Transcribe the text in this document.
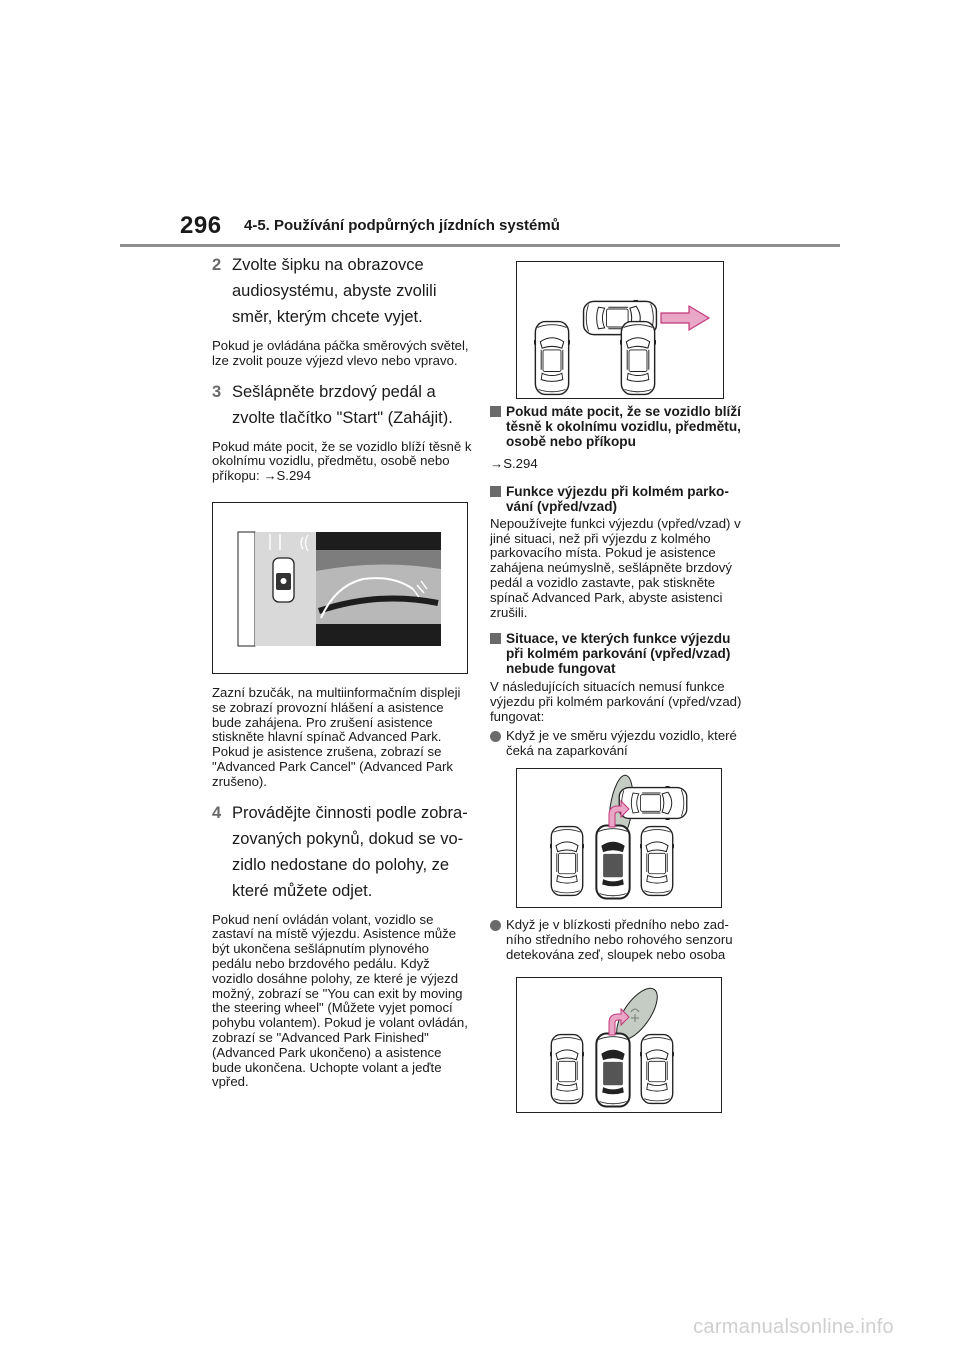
296 4-5. Používání podpůrných jízdních systémů

2 Zvolte šipku na obrazovce audiosystému, abyste zvolili směr, kterým chcete vyjet.

Pokud je ovládána páčka směrových světel, lze zvolit pouze výjezd vlevo nebo vpravo.

3 Sešlápněte brzdový pedál a zvolte tlačítko "Start" (Zahájit).

Pokud máte pocit, že se vozidlo blíží těsně k okolnímu vozidlu, předmětu, osobě nebo příkopu: →S.294

Zazní bzučák, na multiinformačním displeji se zobrazí provozní hlášení a asistence bude zahájena. Pro zrušení asistence stiskněte hlavní spínač Advanced Park. Pokud je asistence zrušena, zobrazí se "Advanced Park Cancel" (Advanced Park zrušeno).

4 Provádějte činnosti podle zobrazovaných pokynů, dokud se vozidlo nedostane do polohy, ze které můžete odjet.

Pokud není ovládán volant, vozidlo se zastaví na místě výjezdu. Asistence může být ukončena sešlápnutím plynového pedálu nebo brzdového pedálu. Když vozidlo dosáhne polohy, ze které je výjezd možný, zobrazí se "You can exit by moving the steering wheel" (Můžete vyjet pomocí pohybu volantem). Pokud je volant ovládán, zobrazí se "Advanced Park Finished" (Advanced Park ukončeno) a asistence bude ukončena. Uchopte volant a jeďte vpřed.

Pokud máte pocit, že se vozidlo blíží těsně k okolnímu vozidlu, předmětu, osobě nebo příkopu

→S.294

Funkce výjezdu při kolmém parkování (vpřed/vzad)

Nepoužívejte funkci výjezdu (vpřed/vzad) v jiné situaci, než při výjezdu z kolmého parkovacího místa. Pokud je asistence zahájena neúmyslně, sešlápněte brzdový pedál a vozidlo zastavte, pak stiskněte spínač Advanced Park, abyste asistenci zrušili.

Situace, ve kterých funkce výjezdu při kolmém parkování (vpřed/vzad) nebude fungovat

V následujících situacích nemusí funkce výjezdu při kolmém parkování (vpřed/vzad) fungovat:

Když je ve směru výjezdu vozidlo, které čeká na zaparkování

Když je v blízkosti předního nebo zadního středního nebo rohového senzoru detekována zeď, sloupek nebo osoba

carmanualsonline.info
